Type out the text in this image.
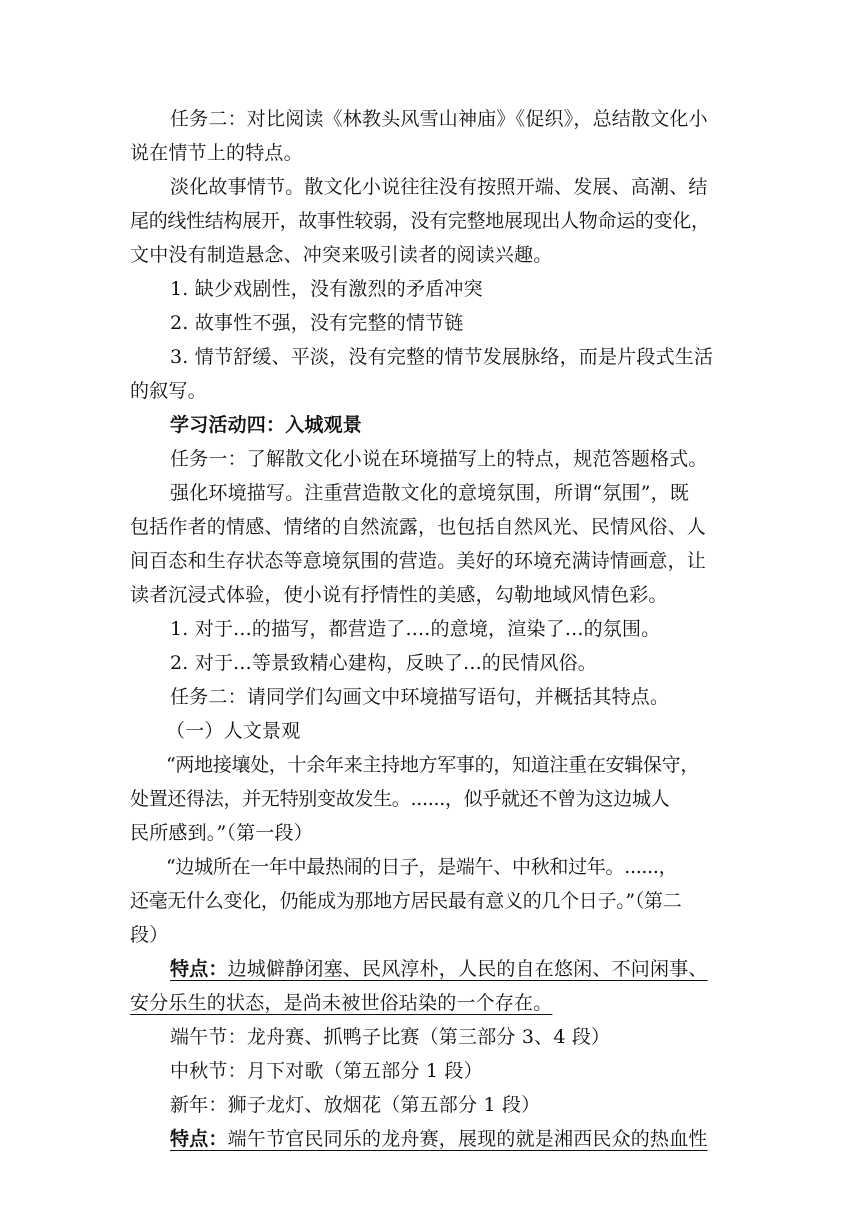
任务二：对比阅读《林教头风雪山神庙》《促织》，总结散文化小
说在情节上的特点。
淡化故事情节。散文化小说往往没有按照开端、发展、高潮、结
尾的线性结构展开，故事性较弱，没有完整地展现出人物命运的变化，
文中没有制造悬念、冲突来吸引读者的阅读兴趣。
1. 缺少戏剧性，没有激烈的矛盾冲突
2. 故事性不强，没有完整的情节链
3. 情节舒缓、平淡，没有完整的情节发展脉络，而是片段式生活
的叙写。
学习活动四：入城观景
任务一：了解散文化小说在环境描写上的特点，规范答题格式。
强化环境描写。注重营造散文化的意境氛围，所谓“氛围”，既
包括作者的情感、情绪的自然流露，也包括自然风光、民情风俗、人
间百态和生存状态等意境氛围的营造。美好的环境充满诗情画意，让
读者沉浸式体验，使小说有抒情性的美感，勾勒地域风情色彩。
1. 对于...的描写，都营造了....的意境，渲染了...的氛围。
2. 对于...等景致精心建构，反映了...的民情风俗。
任务二：请同学们勾画文中环境描写语句，并概括其特点。
（一）人文景观
“两地接壤处，十余年来主持地方军事的，知道注重在安辑保守，
处置还得法，并无特别变故发生。......，似乎就还不曾为这边城人
民所感到。”（第一段）
“边城所在一年中最热闹的日子，是端午、中秋和过年。......，
还毫无什么变化，仍能成为那地方居民最有意义的几个日子。”（第二
段）
特点：边城僻静闭塞、民风淳朴，人民的自在悠闲、不问闲事、
安分乐生的状态，是尚未被世俗玷染的一个存在。
端午节：龙舟赛、抓鸭子比赛（第三部分 3、4 段）
中秋节：月下对歌（第五部分 1 段）
新年：狮子龙灯、放烟花（第五部分 1 段）
特点：端午节官民同乐的龙舟赛，展现的就是湘西民众的热血性
